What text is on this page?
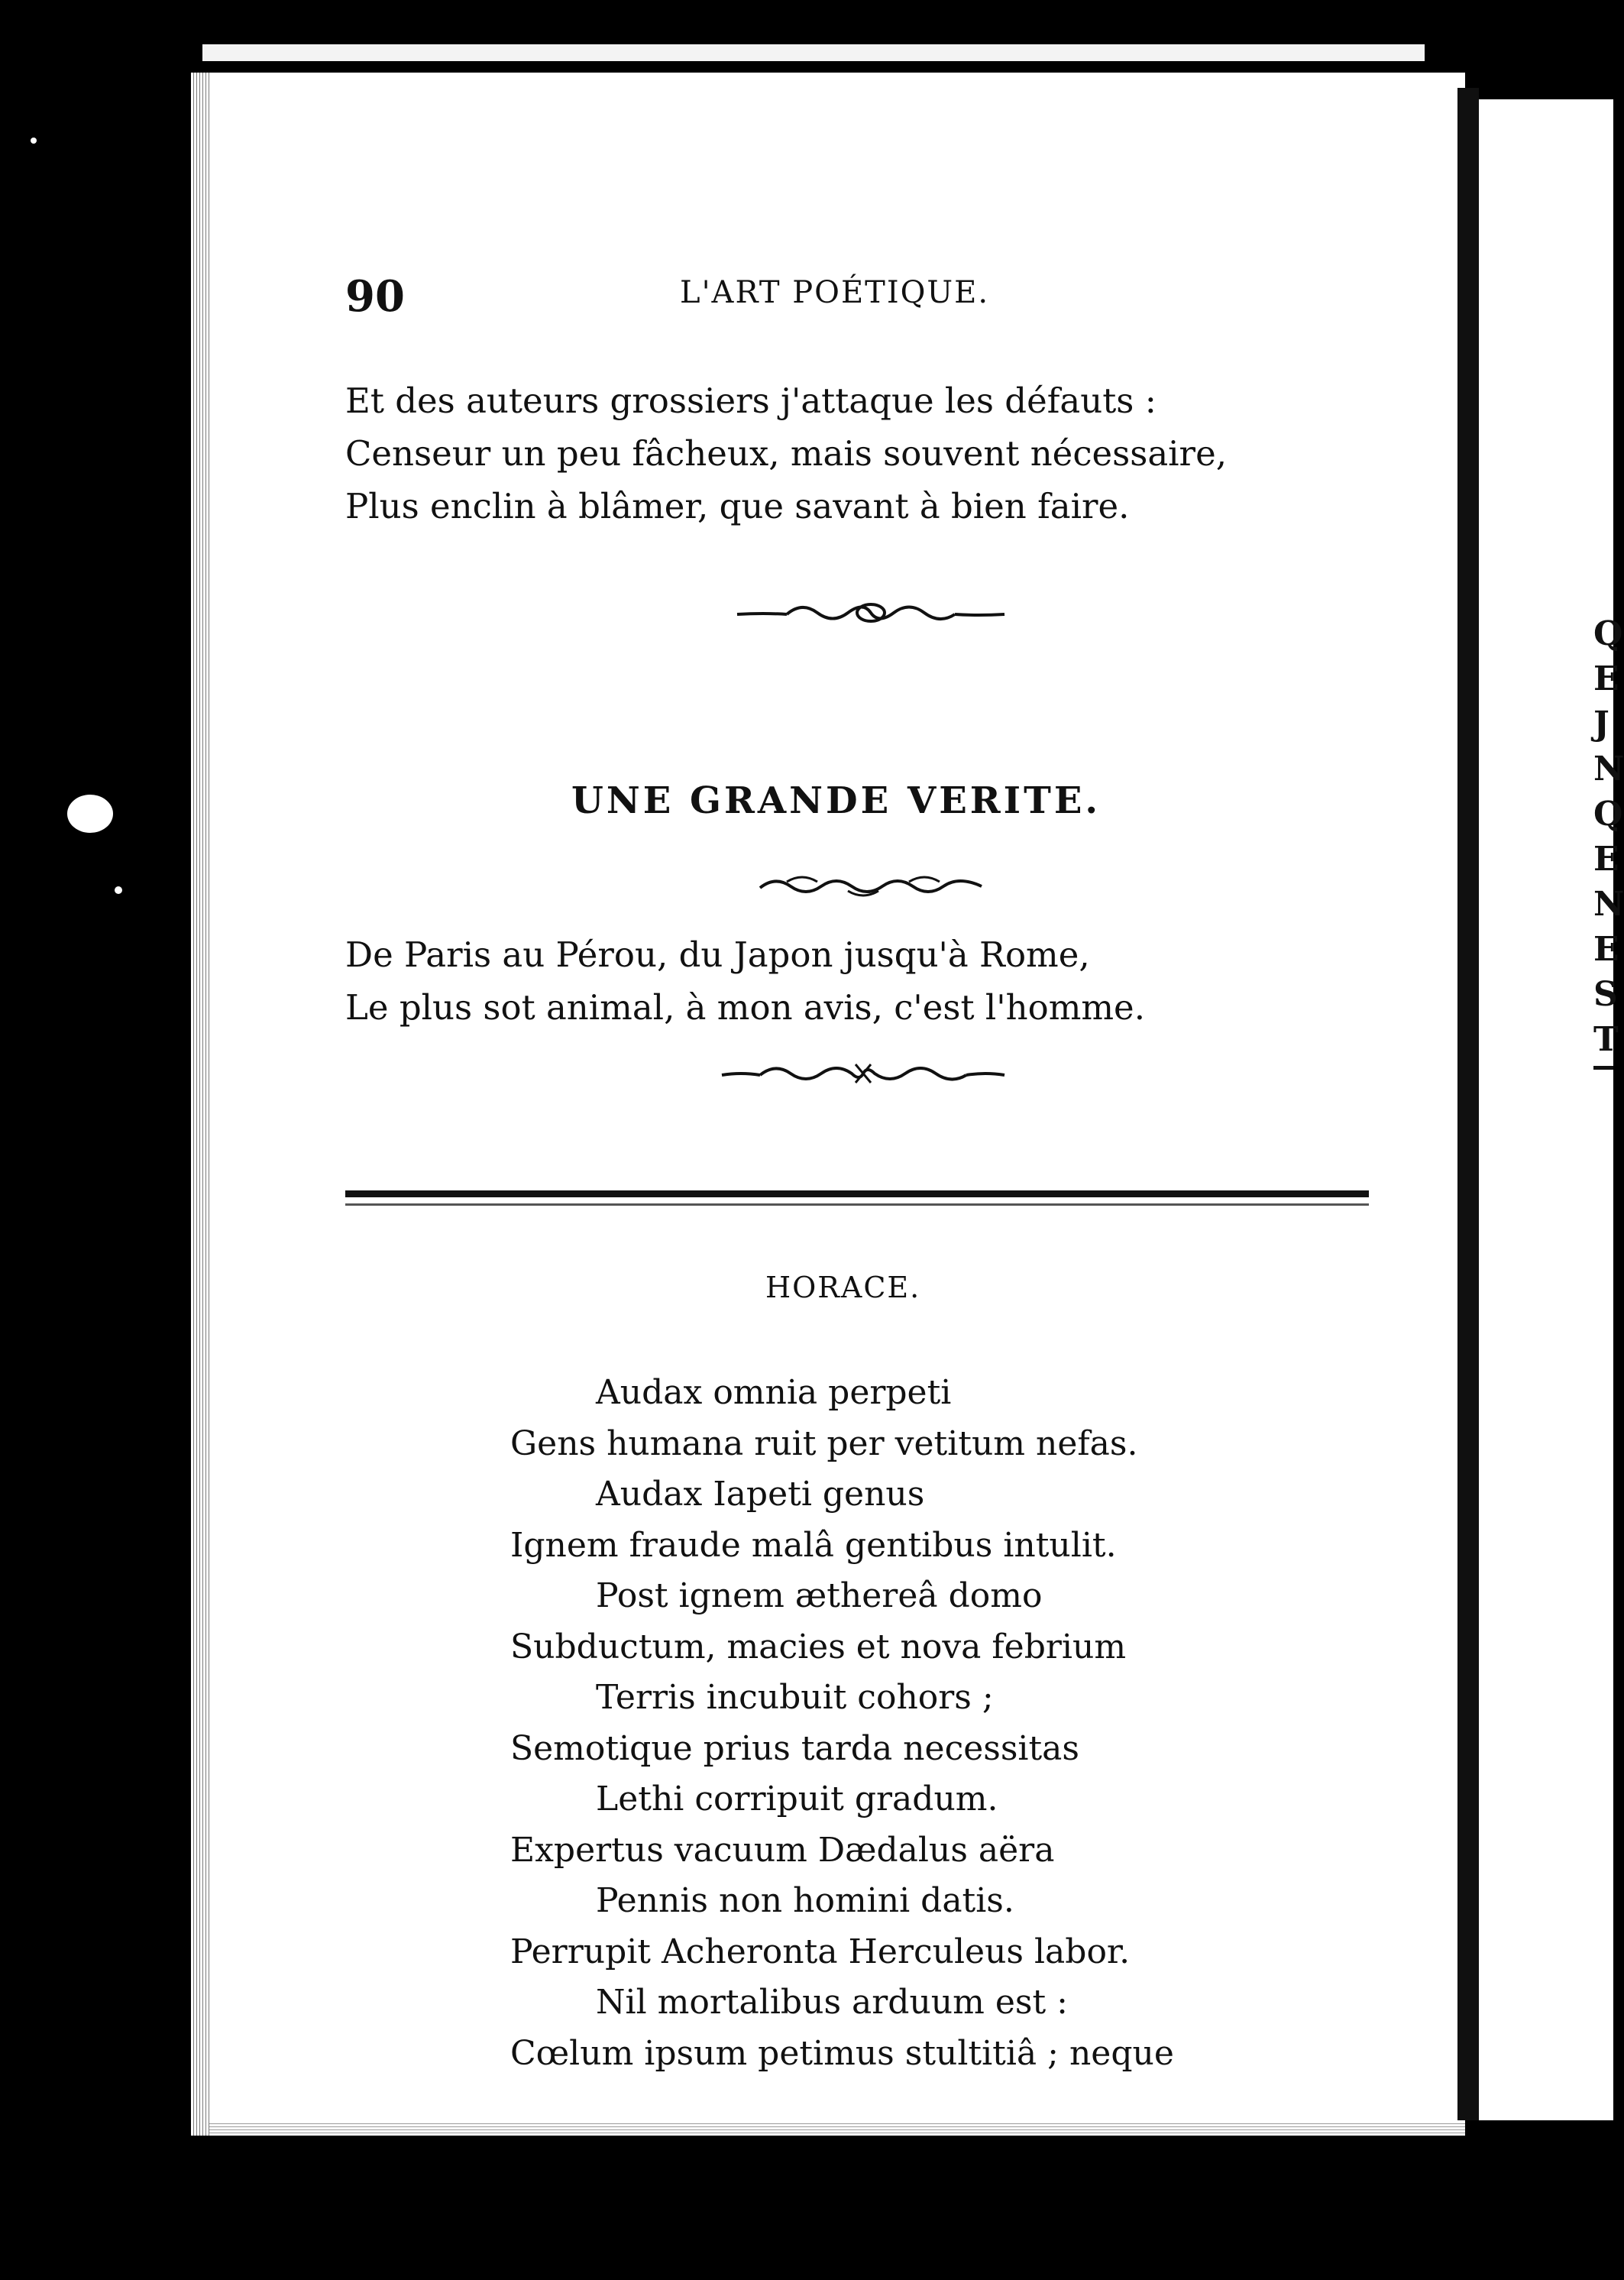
Q
E
J
N
Q
E
N
E
S
T
90	L'ART POÉTIQUE.
Et des auteurs grossiers j'attaque les défauts :
Censeur un peu fâcheux, mais souvent nécessaire,
Plus enclin à blâmer, que savant à bien faire.
UNE GRANDE VERITE.
De Paris au Pérou, du Japon jusqu'à Rome,
Le plus sot animal, à mon avis, c'est l'homme.
HORACE.
Audax omnia perpeti
Gens humana ruit per vetitum nefas.
Audax Iapeti genus
Ignem fraude malâ gentibus intulit.
Post ignem æthereâ domo
Subductum, macies et nova febrium
Terris incubuit cohors ;
Semotique prius tarda necessitas
Lethi corripuit gradum.
Expertus vacuum Dædalus aëra
Pennis non homini datis.
Perrupit Acheronta Herculeus labor.
Nil mortalibus arduum est :
Cœlum ipsum petimus stultitiâ ; neque
